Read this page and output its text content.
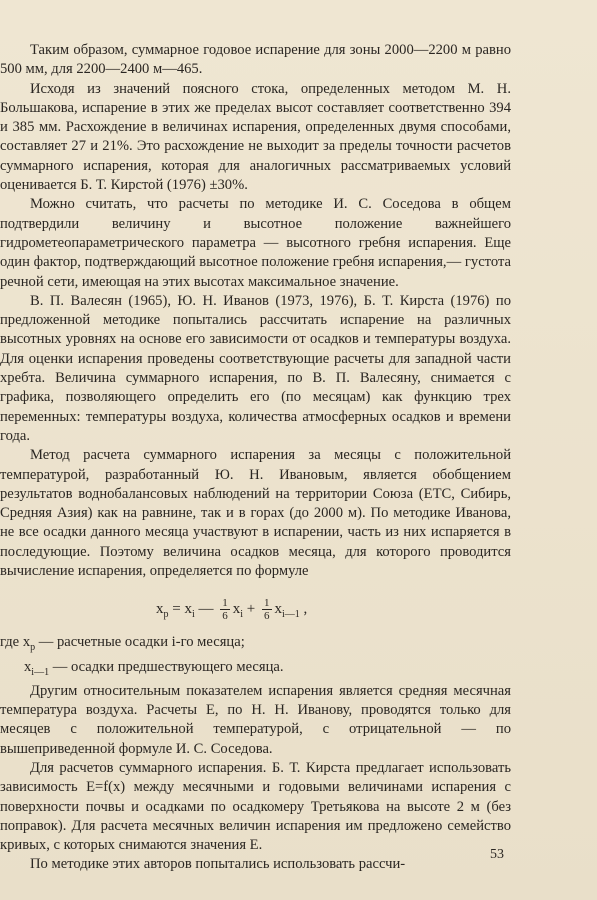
Таким образом, суммарное годовое испарение для зоны 2000—2200 м равно 500 мм, для 2200—2400 м—465.

Исходя из значений поясного стока, определенных методом М. Н. Большакова, испарение в этих же пределах высот составляет соответственно 394 и 385 мм. Расхождение в величинах испарения, определенных двумя способами, составляет 27 и 21%. Это расхождение не выходит за пределы точности расчетов суммарного испарения, которая для аналогичных рассматриваемых условий оценивается Б. Т. Кирстой (1976) ±30%.

Можно считать, что расчеты по методике И. С. Соседова в общем подтвердили величину и высотное положение важнейшего гидрометеопараметрического параметра — высотного гребня испарения. Еще один фактор, подтверждающий высотное положение гребня испарения,— густота речной сети, имеющая на этих высотах максимальное значение.

В. П. Валесян (1965), Ю. Н. Иванов (1973, 1976), Б. Т. Кирста (1976) по предложенной методике попытались рассчитать испарение на различных высотных уровнях на основе его зависимости от осадков и температуры воздуха. Для оценки испарения проведены соответствующие расчеты для западной части хребта. Величина суммарного испарения, по В. П. Валесяну, снимается с графика, позволяющего определить его (по месяцам) как функцию трех переменных: температуры воздуха, количества атмосферных осадков и времени года.

Метод расчета суммарного испарения за месяцы с положительной температурой, разработанный Ю. Н. Ивановым, является обобщением результатов воднобалансовых наблюдений на территории Союза (ЕТС, Сибирь, Средняя Азия) как на равнине, так и в горах (до 2000 м). По методике Иванова, не все осадки данного месяца участвуют в испарении, часть из них испаряется в последующие. Поэтому величина осадков месяца, для которого проводится вычисление испарения, определяется по формуле

$x_р = x_i$ — $\frac{1}{6} x_i + \frac{1}{6} x_{i—1}$ ,

где $x_р$ — расчетные осадки i-го месяца;

$x_{i—1}$ — осадки предшествующего месяца.

Другим относительным показателем испарения является средняя месячная температура воздуха. Расчеты Е, по Н. Н. Иванову, проводятся только для месяцев с положительной температурой, с отрицательной — по вышеприведенной формуле И. С. Соседова.

Для расчетов суммарного испарения. Б. Т. Кирста предлагает использовать зависимость E=f(x) между месячными и годовыми величинами испарения с поверхности почвы и осадками по осадкомеру Третьякова на высоте 2 м (без поправок). Для расчета месячных величин испарения им предложено семейство кривых, с которых снимаются значения Е.

По методике этих авторов попытались использовать рассчи-

53
